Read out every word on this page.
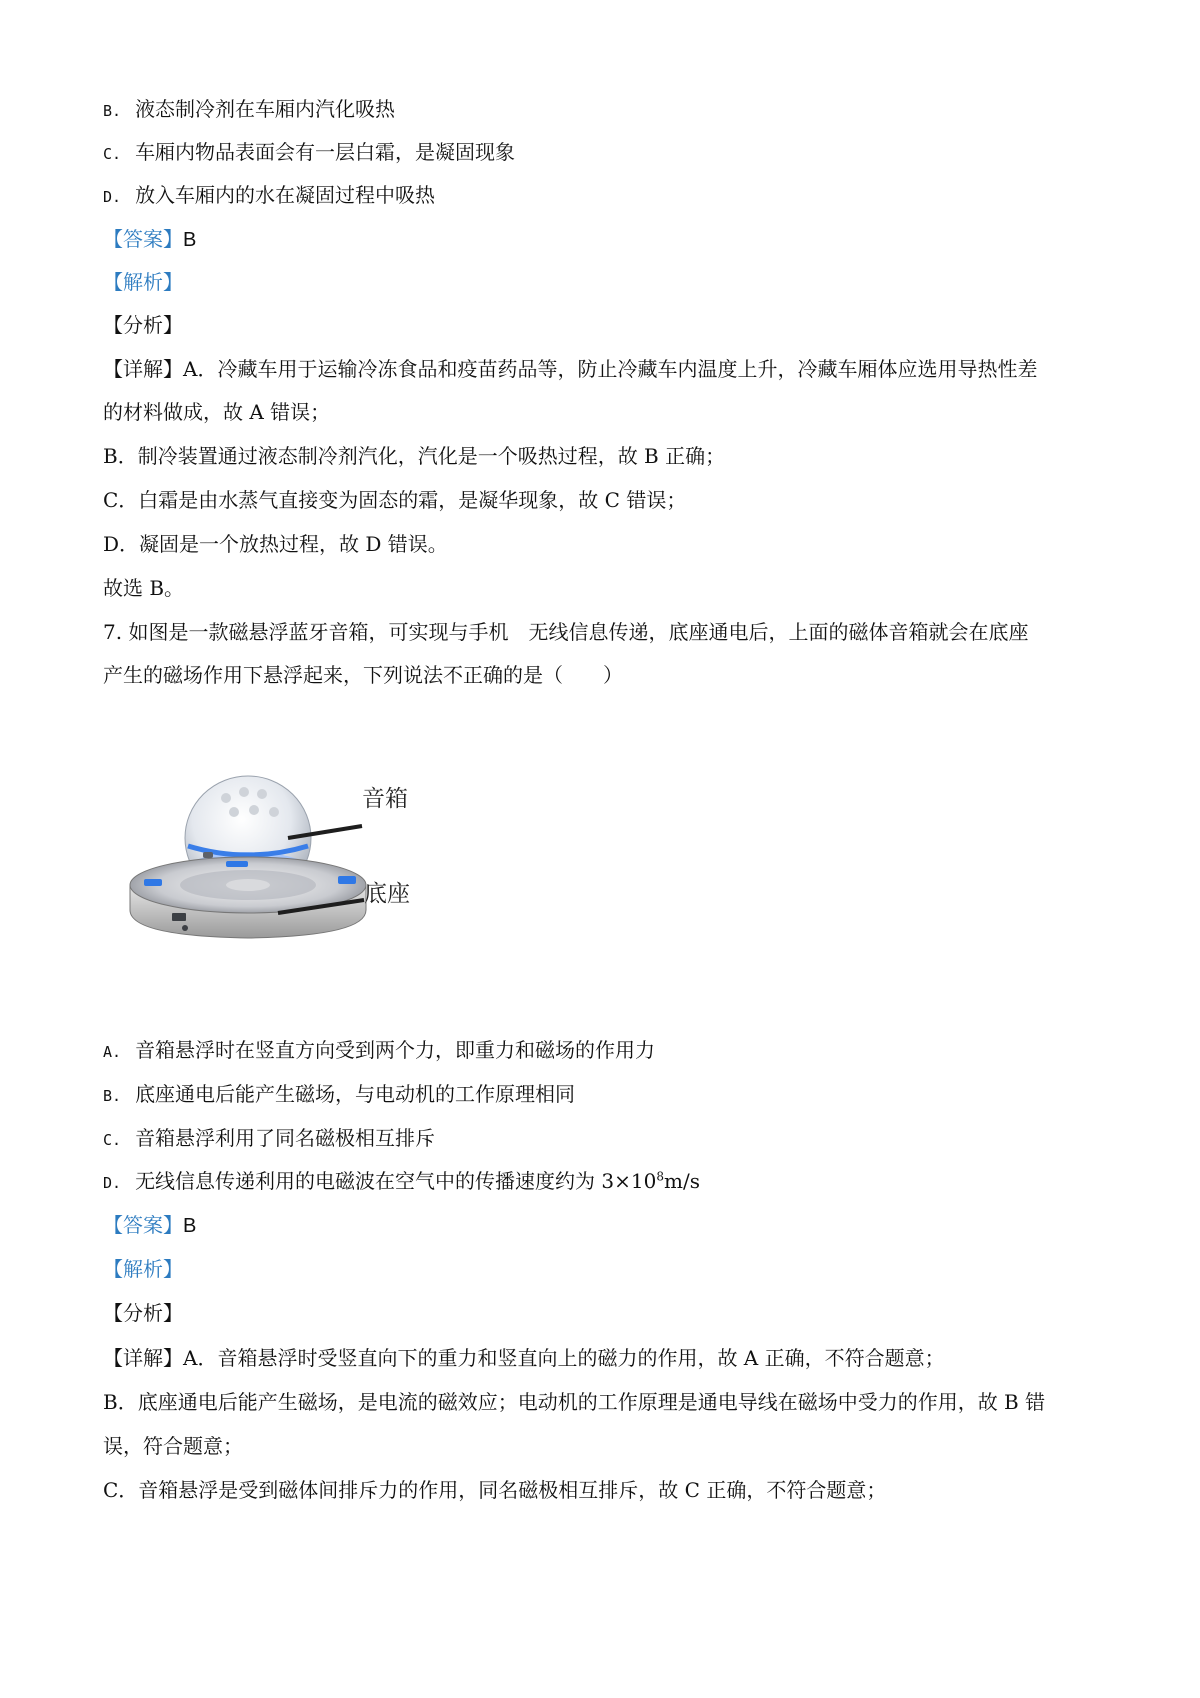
B. 液态制冷剂在车厢内汽化吸热
C. 车厢内物品表面会有一层白霜，是凝固现象
D. 放入车厢内的水在凝固过程中吸热
【答案】B
【解析】
【分析】
【详解】A．冷藏车用于运输冷冻食品和疫苗药品等，防止冷藏车内温度上升，冷藏车厢体应选用导热性差
的材料做成，故 A 错误；
B．制冷装置通过液态制冷剂汽化，汽化是一个吸热过程，故 B 正确；
C．白霜是由水蒸气直接变为固态的霜，是凝华现象，故 C 错误；
D．凝固是一个放热过程，故 D 错误。
故选 B。
7. 如图是一款磁悬浮蓝牙音箱，可实现与手机　无线信息传递，底座通电后，上面的磁体音箱就会在底座
产生的磁场作用下悬浮起来，下列说法不正确的是（　　）
音箱
底座
A. 音箱悬浮时在竖直方向受到两个力，即重力和磁场的作用力
B. 底座通电后能产生磁场，与电动机的工作原理相同
C. 音箱悬浮利用了同名磁极相互排斥
D. 无线信息传递利用的电磁波在空气中的传播速度约为 $3\times 10^8m/s$
【答案】B
【解析】
【分析】
【详解】A．音箱悬浮时受竖直向下的重力和竖直向上的磁力的作用，故 A 正确，不符合题意；
B．底座通电后能产生磁场，是电流的磁效应；电动机的工作原理是通电导线在磁场中受力的作用，故 B 错
误，符合题意；
C．音箱悬浮是受到磁体间排斥力的作用，同名磁极相互排斥，故 C 正确，不符合题意；
